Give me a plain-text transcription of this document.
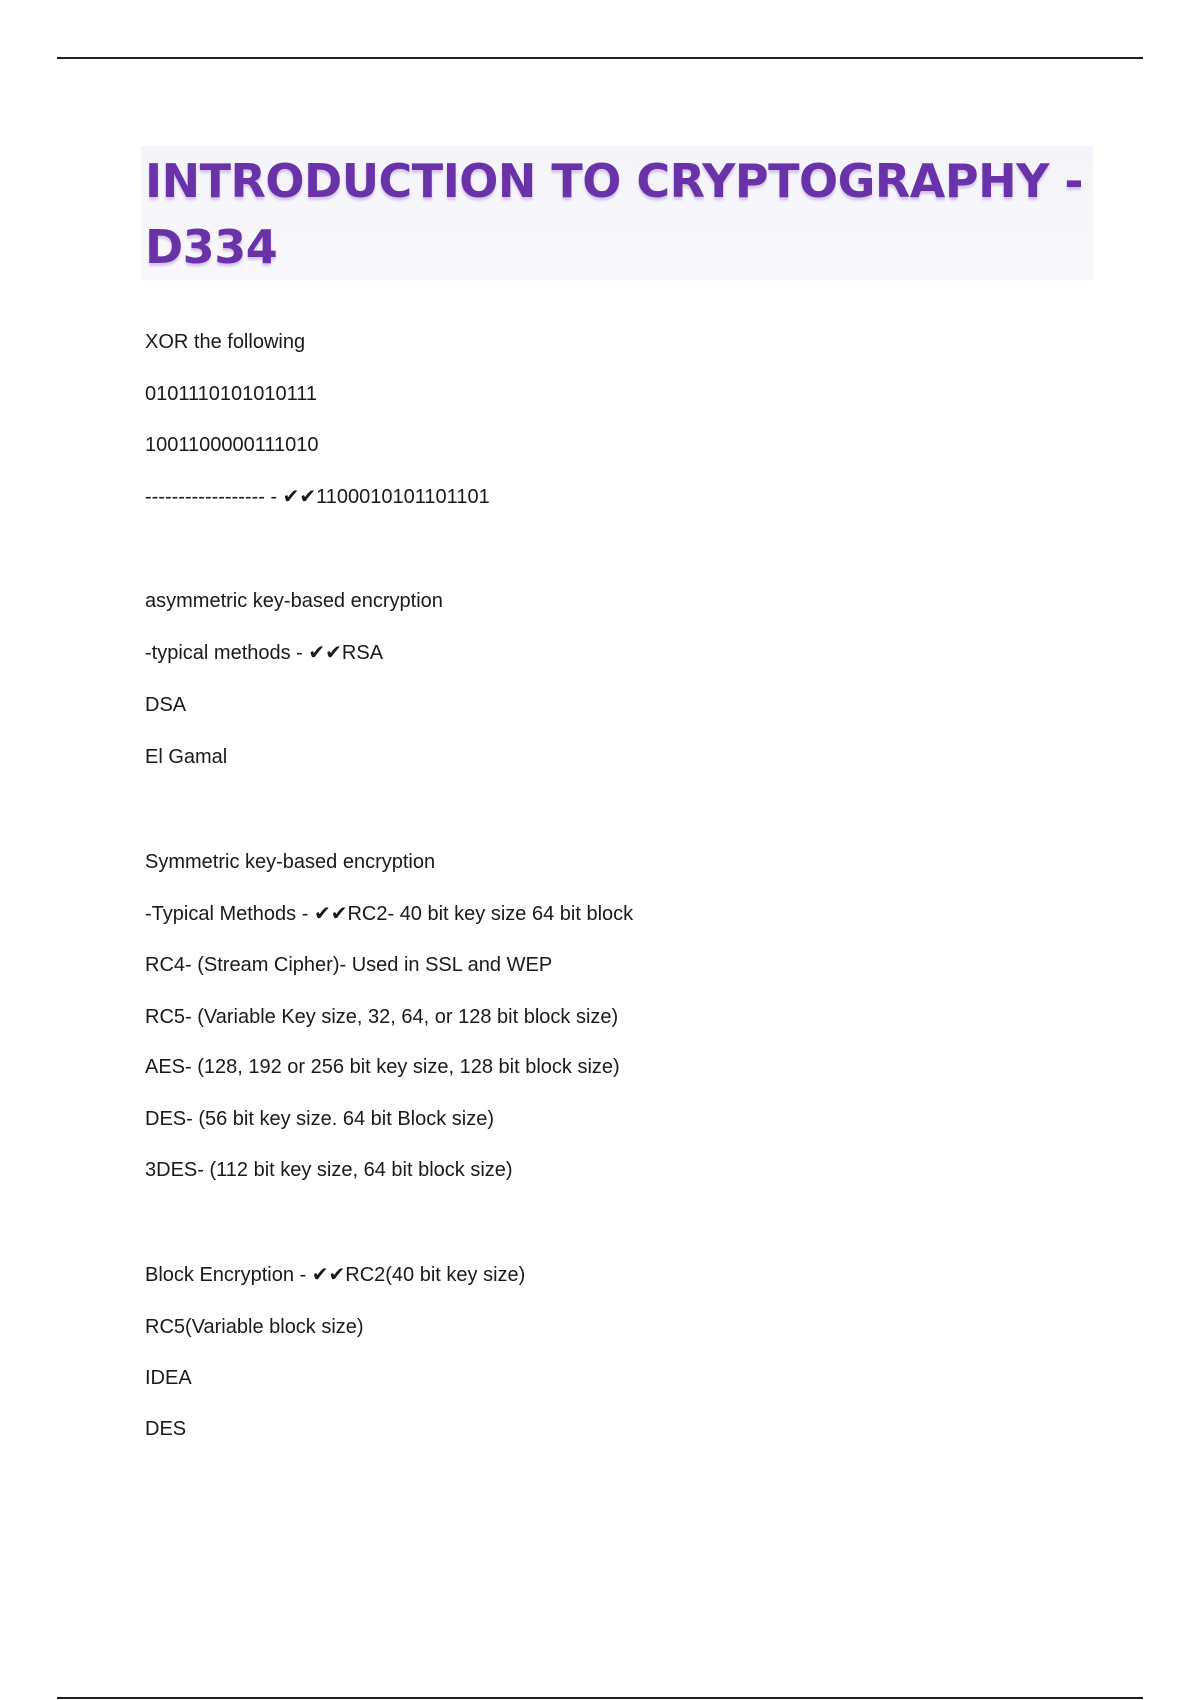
INTRODUCTION TO CRYPTOGRAPHY -
D334
XOR the following
0101110101010111
1001100000111010
------------------ - ✔✔1100010101101101
asymmetric key-based encryption
-typical methods - ✔✔RSA
DSA
El Gamal
Symmetric key-based encryption
-Typical Methods - ✔✔RC2- 40 bit key size 64 bit block
RC4- (Stream Cipher)- Used in SSL and WEP
RC5- (Variable Key size, 32, 64, or 128 bit block size)
AES- (128, 192 or 256 bit key size, 128 bit block size)
DES- (56 bit key size. 64 bit Block size)
3DES- (112 bit key size, 64 bit block size)
Block Encryption - ✔✔RC2(40 bit key size)
RC5(Variable block size)
IDEA
DES
